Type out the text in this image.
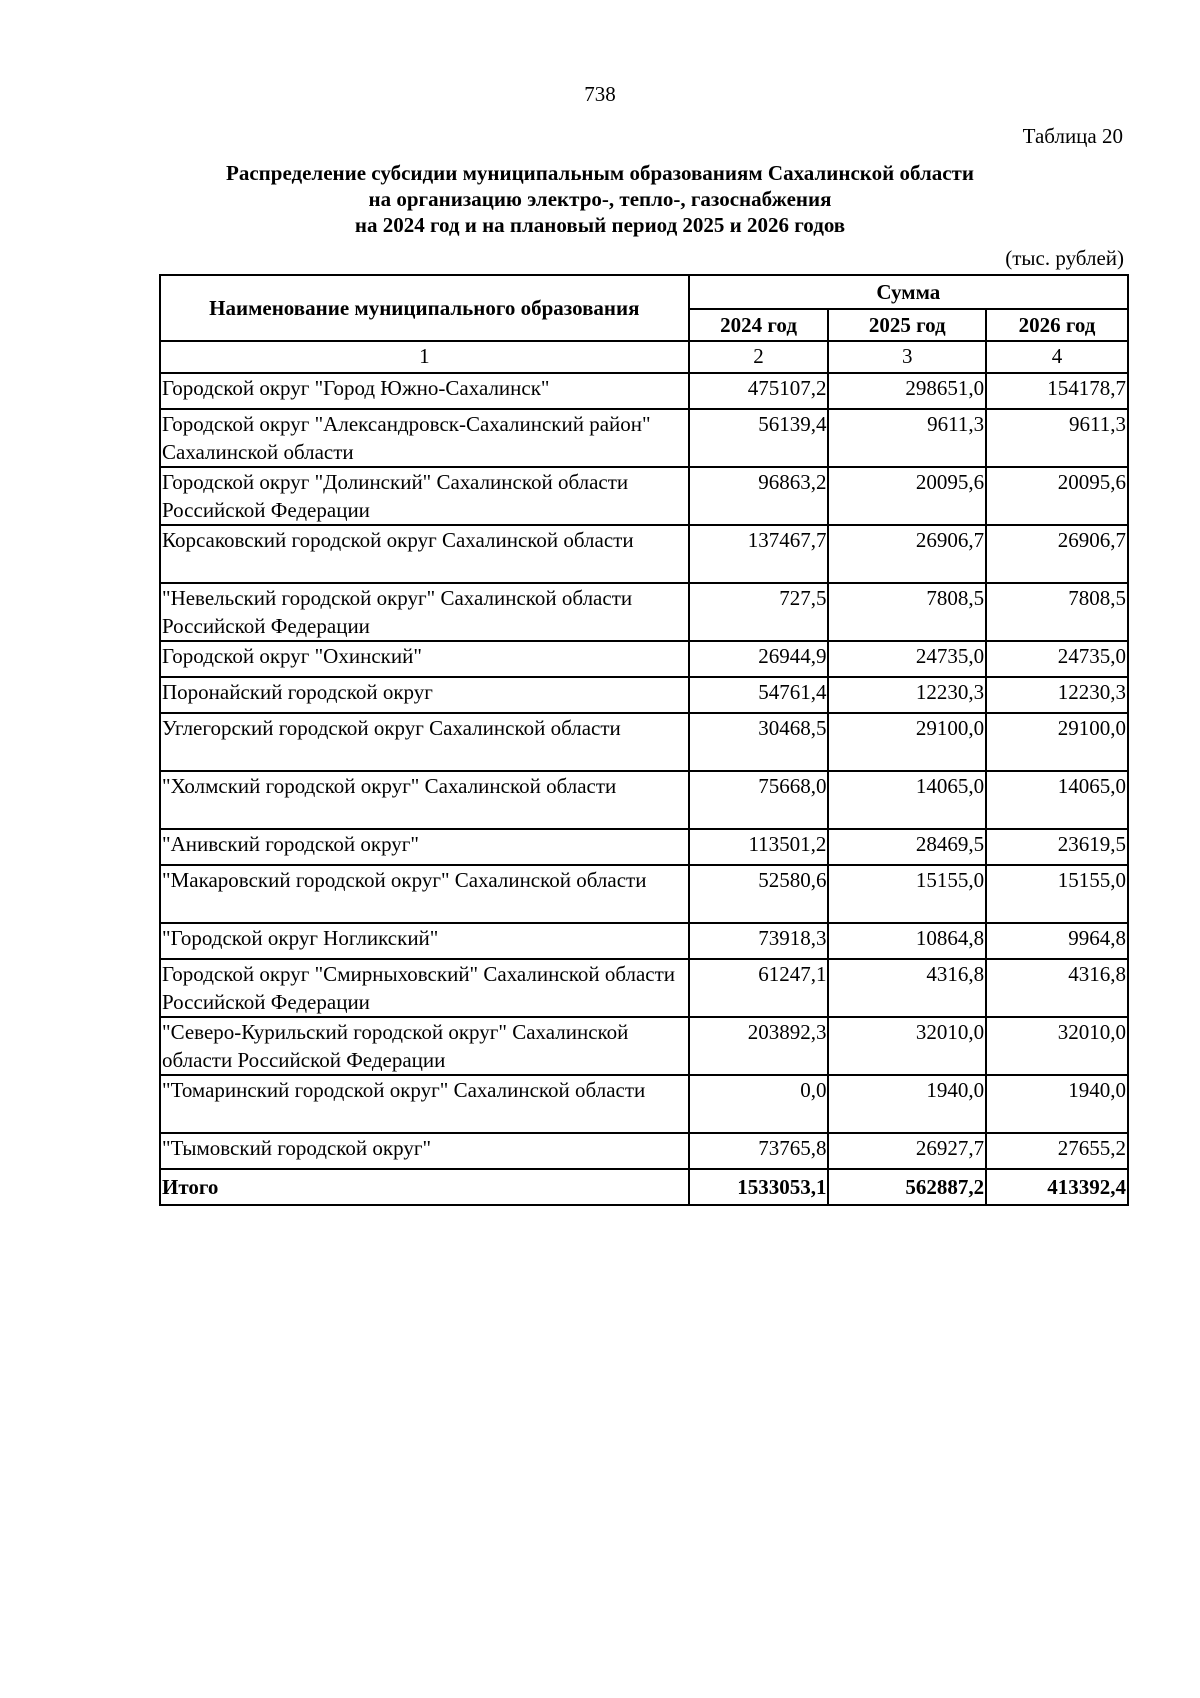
738
Таблица 20
Распределение субсидии муниципальным образованиям Сахалинской области
на организацию электро-, тепло-, газоснабжения
на 2024 год и на плановый период 2025 и 2026 годов
(тыс. рублей)
Наименование муниципального образования	Сумма		
	2024 год	2025 год	2026 год
1	2	3	4
Городской округ "Город Южно-Сахалинск"	475107,2	298651,0	154178,7
Городской округ "Александровск-Сахалинский район" Сахалинской области	56139,4	9611,3	9611,3
Городской округ "Долинский" Сахалинской области Российской Федерации	96863,2	20095,6	20095,6
Корсаковский городской округ Сахалинской области	137467,7	26906,7	26906,7
"Невельский городской округ" Сахалинской области Российской Федерации	727,5	7808,5	7808,5
Городской округ "Охинский"	26944,9	24735,0	24735,0
Поронайский городской округ	54761,4	12230,3	12230,3
Углегорский городской округ Сахалинской области	30468,5	29100,0	29100,0
"Холмский городской округ" Сахалинской области	75668,0	14065,0	14065,0
"Анивский городской округ"	113501,2	28469,5	23619,5
"Макаровский городской округ" Сахалинской области	52580,6	15155,0	15155,0
"Городской округ Ногликский"	73918,3	10864,8	9964,8
Городской округ "Смирныховский" Сахалинской области Российской Федерации	61247,1	4316,8	4316,8
"Северо-Курильский городской округ" Сахалинской области Российской Федерации	203892,3	32010,0	32010,0
"Томаринский городской округ" Сахалинской области	0,0	1940,0	1940,0
"Тымовский городской округ"	73765,8	26927,7	27655,2
Итого	1533053,1	562887,2	413392,4
